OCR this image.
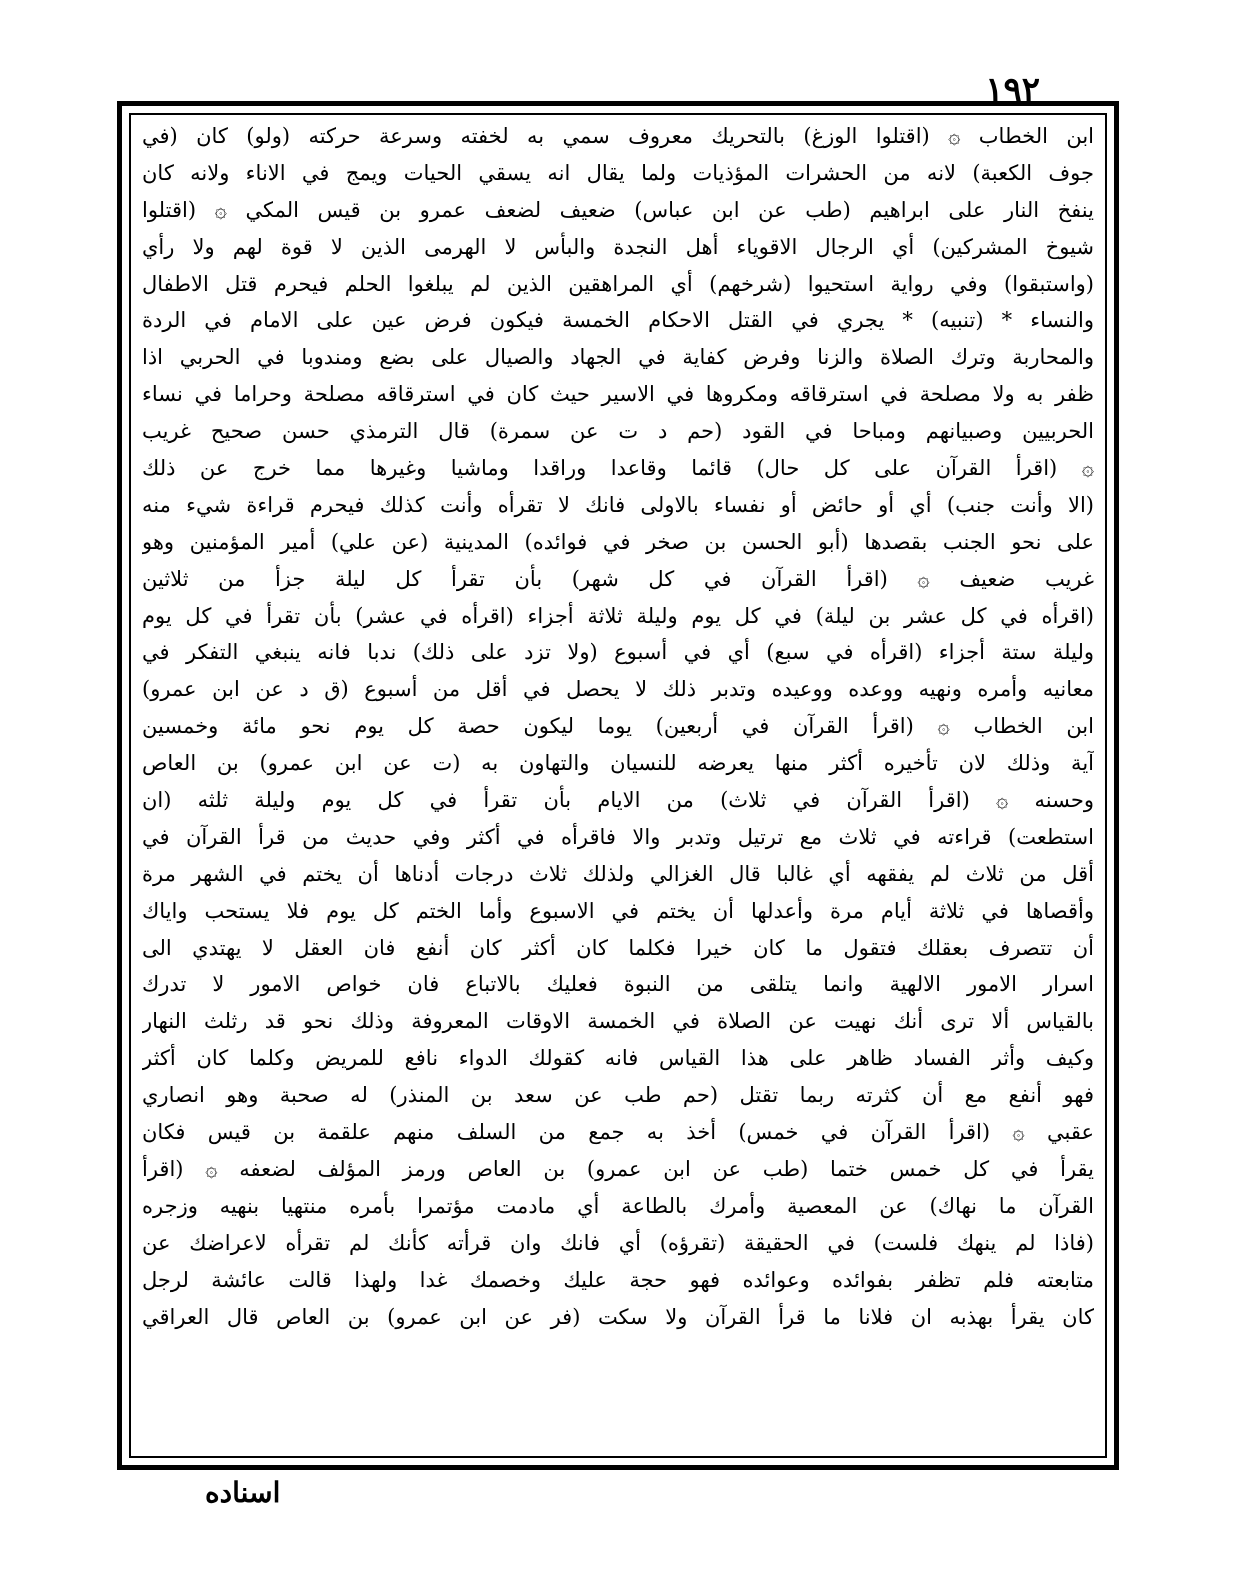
١٩٢
ابن الخطاب ۞ (اقتلوا الوزغ) بالتحريك معروف سمي به لخفته وسرعة حركته (ولو) كان (في
جوف الكعبة) لانه من الحشرات المؤذيات ولما يقال انه يسقي الحيات ويمج في الاناء ولانه كان
ينفخ النار على ابراهيم (طب عن ابن عباس) ضعيف لضعف عمرو بن قيس المكي ۞ (اقتلوا
شيوخ المشركين) أي الرجال الاقوياء أهل النجدة والبأس لا الهرمى الذين لا قوة لهم ولا رأي
(واستبقوا) وفي رواية استحيوا (شرخهم) أي المراهقين الذين لم يبلغوا الحلم فيحرم قتل الاطفال
والنساء * (تنبيه) * يجري في القتل الاحكام الخمسة فيكون فرض عين على الامام في الردة
والمحاربة وترك الصلاة والزنا وفرض كفاية في الجهاد والصيال على بضع ومندوبا في الحربي اذا
ظفر به ولا مصلحة في استرقاقه ومكروها في الاسير حيث كان في استرقاقه مصلحة وحراما في نساء
الحربيين وصبيانهم ومباحا في القود (حم د ت عن سمرة) قال الترمذي حسن صحيح غريب
۞ (اقرأ القرآن على كل حال) قائما وقاعدا وراقدا وماشيا وغيرها مما خرج عن ذلك
(الا وأنت جنب) أي أو حائض أو نفساء بالاولى فانك لا تقرأه وأنت كذلك فيحرم قراءة شيء منه
على نحو الجنب بقصدها (أبو الحسن بن صخر في فوائده) المدينية (عن علي) أمير المؤمنين وهو
غريب ضعيف ۞ (اقرأ القرآن في كل شهر) بأن تقرأ كل ليلة جزأ من ثلاثين
(اقرأه في كل عشر بن ليلة) في كل يوم وليلة ثلاثة أجزاء (اقرأه في عشر) بأن تقرأ في كل يوم
وليلة ستة أجزاء (اقرأه في سبع) أي في أسبوع (ولا تزد على ذلك) ندبا فانه ينبغي التفكر في
معانيه وأمره ونهيه ووعده ووعيده وتدبر ذلك لا يحصل في أقل من أسبوع (ق د عن ابن عمرو)
ابن الخطاب ۞ (اقرأ القرآن في أربعين) يوما ليكون حصة كل يوم نحو مائة وخمسين
آية وذلك لان تأخيره أكثر منها يعرضه للنسيان والتهاون به (ت عن ابن عمرو) بن العاص
وحسنه ۞ (اقرأ القرآن في ثلاث) من الايام بأن تقرأ في كل يوم وليلة ثلثه (ان
استطعت) قراءته في ثلاث مع ترتيل وتدبر والا فاقرأه في أكثر وفي حديث من قرأ القرآن في
أقل من ثلاث لم يفقهه أي غالبا قال الغزالي ولذلك ثلاث درجات أدناها أن يختم في الشهر مرة
وأقصاها في ثلاثة أيام مرة وأعدلها أن يختم في الاسبوع وأما الختم كل يوم فلا يستحب واياك
أن تتصرف بعقلك فتقول ما كان خيرا فكلما كان أكثر كان أنفع فان العقل لا يهتدي الى
اسرار الامور الالهية وانما يتلقى من النبوة فعليك بالاتباع فان خواص الامور لا تدرك
بالقياس ألا ترى أنك نهيت عن الصلاة في الخمسة الاوقات المعروفة وذلك نحو قد رثلث النهار
وكيف وأثر الفساد ظاهر على هذا القياس فانه كقولك الدواء نافع للمريض وكلما كان أكثر
فهو أنفع مع أن كثرته ربما تقتل (حم طب عن سعد بن المنذر) له صحبة وهو انصاري
عقبي ۞ (اقرأ القرآن في خمس) أخذ به جمع من السلف منهم علقمة بن قيس فكان
يقرأ في كل خمس ختما (طب عن ابن عمرو) بن العاص ورمز المؤلف لضعفه ۞ (اقرأ
القرآن ما نهاك) عن المعصية وأمرك بالطاعة أي مادمت مؤتمرا بأمره منتهيا بنهيه وزجره
(فاذا لم ينهك فلست) في الحقيقة (تقرؤه) أي فانك وان قرأته كأنك لم تقرأه لاعراضك عن
متابعته فلم تظفر بفوائده وعوائده فهو حجة عليك وخصمك غدا ولهذا قالت عائشة لرجل
كان يقرأ بهذبه ان فلانا ما قرأ القرآن ولا سكت (فر عن ابن عمرو) بن العاص قال العراقي
اسناده
